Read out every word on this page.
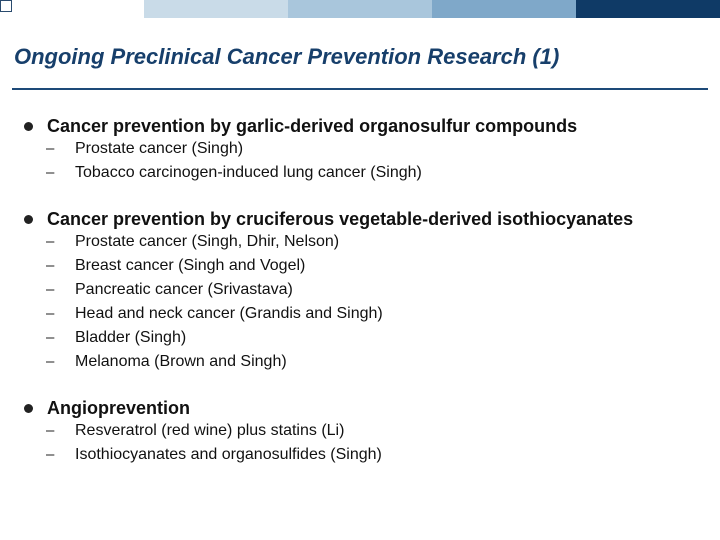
Ongoing Preclinical Cancer Prevention Research (1)
Cancer prevention by garlic-derived organosulfur compounds
– Prostate cancer (Singh)
– Tobacco carcinogen-induced lung cancer (Singh)
Cancer prevention by cruciferous vegetable-derived isothiocyanates
– Prostate cancer (Singh, Dhir, Nelson)
– Breast cancer (Singh and Vogel)
– Pancreatic cancer (Srivastava)
– Head and neck cancer (Grandis and Singh)
– Bladder (Singh)
– Melanoma (Brown and Singh)
Angioprevention
– Resveratrol (red wine) plus statins (Li)
– Isothiocyanates and organosulfides (Singh)
